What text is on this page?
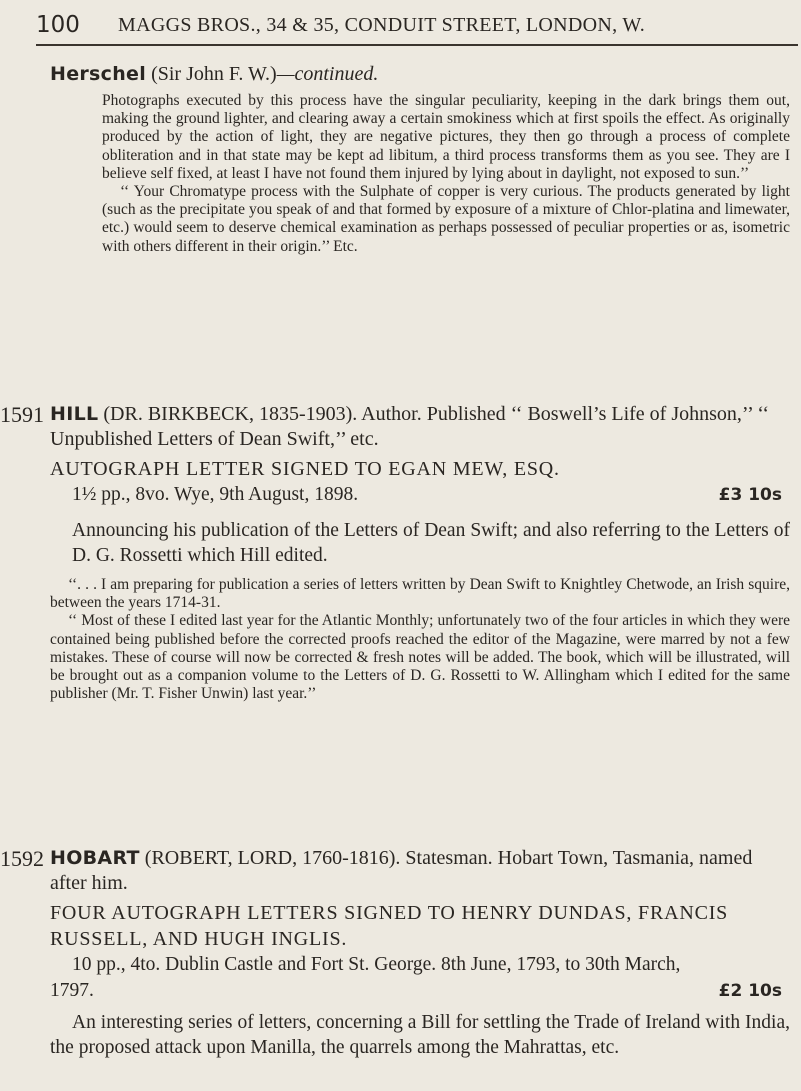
100 MAGGS BROS., 34 & 35, CONDUIT STREET, LONDON, W.
Herschel (Sir John F. W.)—continued.

Photographs executed by this process have the singular peculiarity, keeping in the dark brings them out, making the ground lighter, and clearing away a certain smokiness which at first spoils the effect. As originally produced by the action of light, they are negative pictures, they then go through a process of complete obliteration and in that state may be kept ad libitum, a third process transforms them as you see. They are I believe self fixed, at least I have not found them injured by lying about in daylight, not exposed to sun.’’

‘‘ Your Chromatype process with the Sulphate of copper is very curious. The products generated by light (such as the precipitate you speak of and that formed by exposure of a mixture of Chlor-platina and limewater, etc.) would seem to deserve chemical examination as perhaps possessed of peculiar properties or as, isometric with others different in their origin.’’ Etc.

1591 HILL (DR. BIRKBECK, 1835-1903). Author. Published ‘‘ Boswell’s Life of Johnson,’’ ‘‘ Unpublished Letters of Dean Swift,’’ etc.

AUTOGRAPH LETTER SIGNED TO EGAN MEW, ESQ.

1½ pp., 8vo. Wye, 9th August, 1898.	£3 10s

Announcing his publication of the Letters of Dean Swift; and also referring to the Letters of D. G. Rossetti which Hill edited.

‘‘. . . I am preparing for publication a series of letters written by Dean Swift to Knightley Chetwode, an Irish squire, between the years 1714-31.

‘‘ Most of these I edited last year for the Atlantic Monthly; unfortunately two of the four articles in which they were contained being published before the corrected proofs reached the editor of the Magazine, were marred by not a few mistakes. These of course will now be corrected & fresh notes will be added. The book, which will be illustrated, will be brought out as a companion volume to the Letters of D. G. Rossetti to W. Allingham which I edited for the same publisher (Mr. T. Fisher Unwin) last year.’’

1592 HOBART (ROBERT, LORD, 1760-1816). Statesman. Hobart Town, Tasmania, named after him.

FOUR AUTOGRAPH LETTERS SIGNED TO HENRY DUNDAS, FRANCIS RUSSELL, AND HUGH INGLIS.

10 pp., 4to. Dublin Castle and Fort St. George. 8th June, 1793, to 30th March, 1797.	£2 10s

An interesting series of letters, concerning a Bill for settling the Trade of Ireland with India, the proposed attack upon Manilla, the quarrels among the Mahrattas, etc.
